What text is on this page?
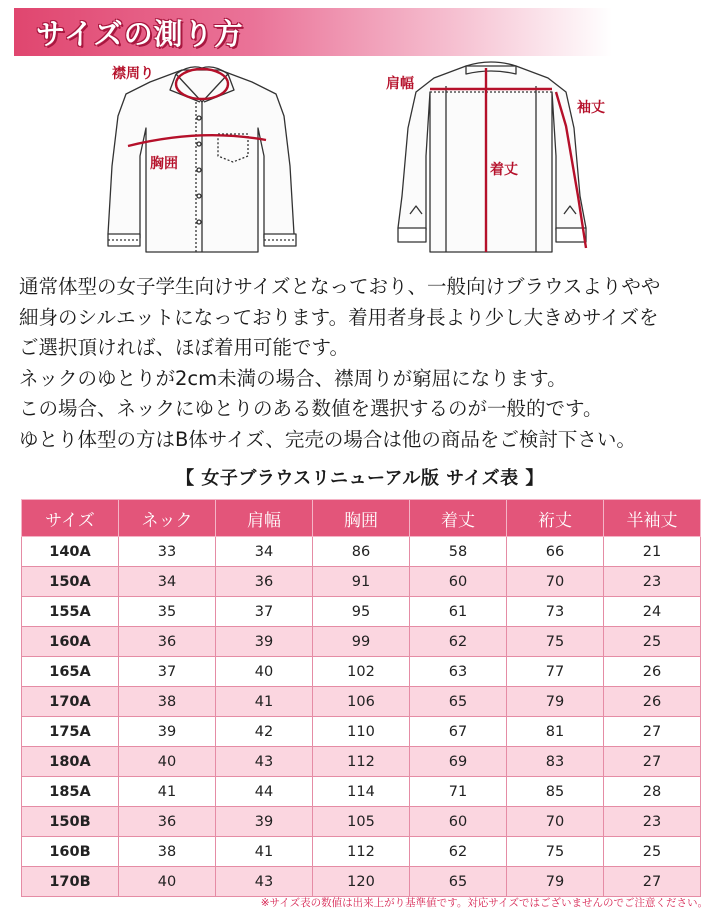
サイズの測り方
襟周り
胸囲
肩幅
着丈
袖丈
通常体型の女子学生向けサイズとなっており、一般向けブラウスよりやや
細身のシルエットになっております。着用者身長より少し大きめサイズを
ご選択頂ければ、ほぼ着用可能です。
ネックのゆとりが2cm未満の場合、襟周りが窮屈になります。
この場合、ネックにゆとりのある数値を選択するのが一般的です。
ゆとり体型の方はB体サイズ、完売の場合は他の商品をご検討下さい。
【 女子ブラウスリニューアル版 サイズ表 】
サイズ	ネック	肩幅	胸囲	着丈	裄丈	半袖丈
140A	33	34	86	58	66	21
150A	34	36	91	60	70	23
155A	35	37	95	61	73	24
160A	36	39	99	62	75	25
165A	37	40	102	63	77	26
170A	38	41	106	65	79	26
175A	39	42	110	67	81	27
180A	40	43	112	69	83	27
185A	41	44	114	71	85	28
150B	36	39	105	60	70	23
160B	38	41	112	62	75	25
170B	40	43	120	65	79	27
※サイズ表の数値は出来上がり基準値です。対応サイズではございませんのでご注意ください。
